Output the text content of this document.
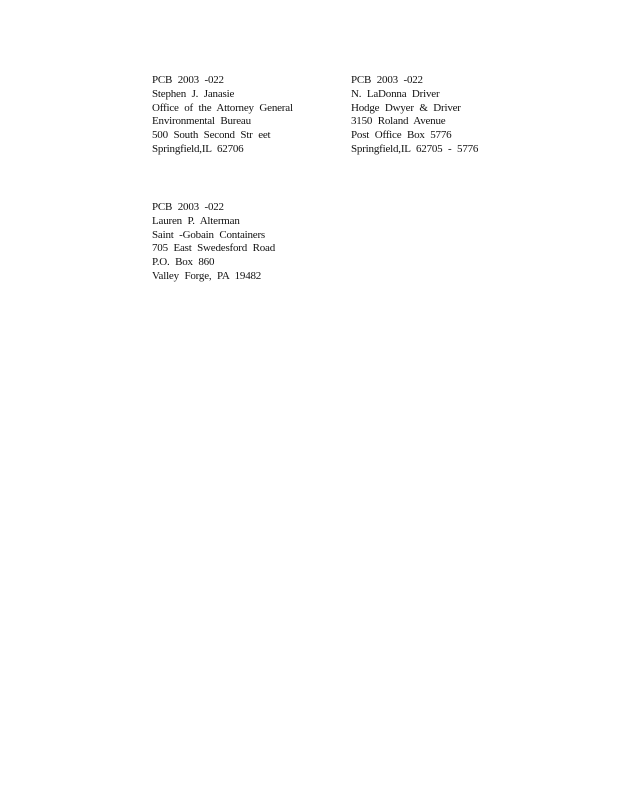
PCB 2003 -022
Stephen J. Janasie
Office of the Attorney General
Environmental Bureau
500 South Second Str eet
Springfield,IL 62706
PCB 2003 -022
N. LaDonna Driver
Hodge Dwyer & Driver
3150 Roland Avenue
Post Office Box 5776
Springfield,IL 62705 - 5776
PCB 2003 -022
Lauren P. Alterman
Saint -Gobain Containers
705 East Swedesford Road
P.O. Box 860
Valley Forge, PA 19482
